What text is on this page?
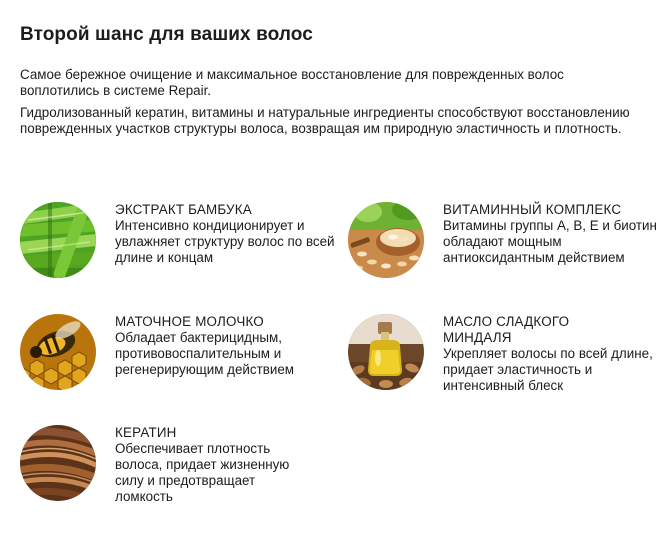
Второй шанс для ваших волос
Самое бережное очищение и максимальное восстановление для поврежденных волос воплотились в системе Repair.
Гидролизованный кератин, витамины и натуральные ингредиенты способствуют восстановлению поврежденных участков структуры волоса, возвращая им природную эластичность и плотность.
ЭКСТРАКТ БАМБУКА
Интенсивно кондиционирует и увлажняет структуру волос по всей длине и концам
ВИТАМИННЫЙ КОМПЛЕКС
Витамины группы А, В, Е и биотин обладают мощным антиоксидантным действием
МАТОЧНОЕ МОЛОЧКО
Обладает бактерицидным, противовоспалительным и регенерирующим действием
МАСЛО СЛАДКОГО МИНДАЛЯ
Укрепляет волосы по всей длине, придает эластичность и интенсивный блеск
КЕРАТИН
Обеспечивает плотность волоса, придает жизненную силу и предотвращает ломкость
